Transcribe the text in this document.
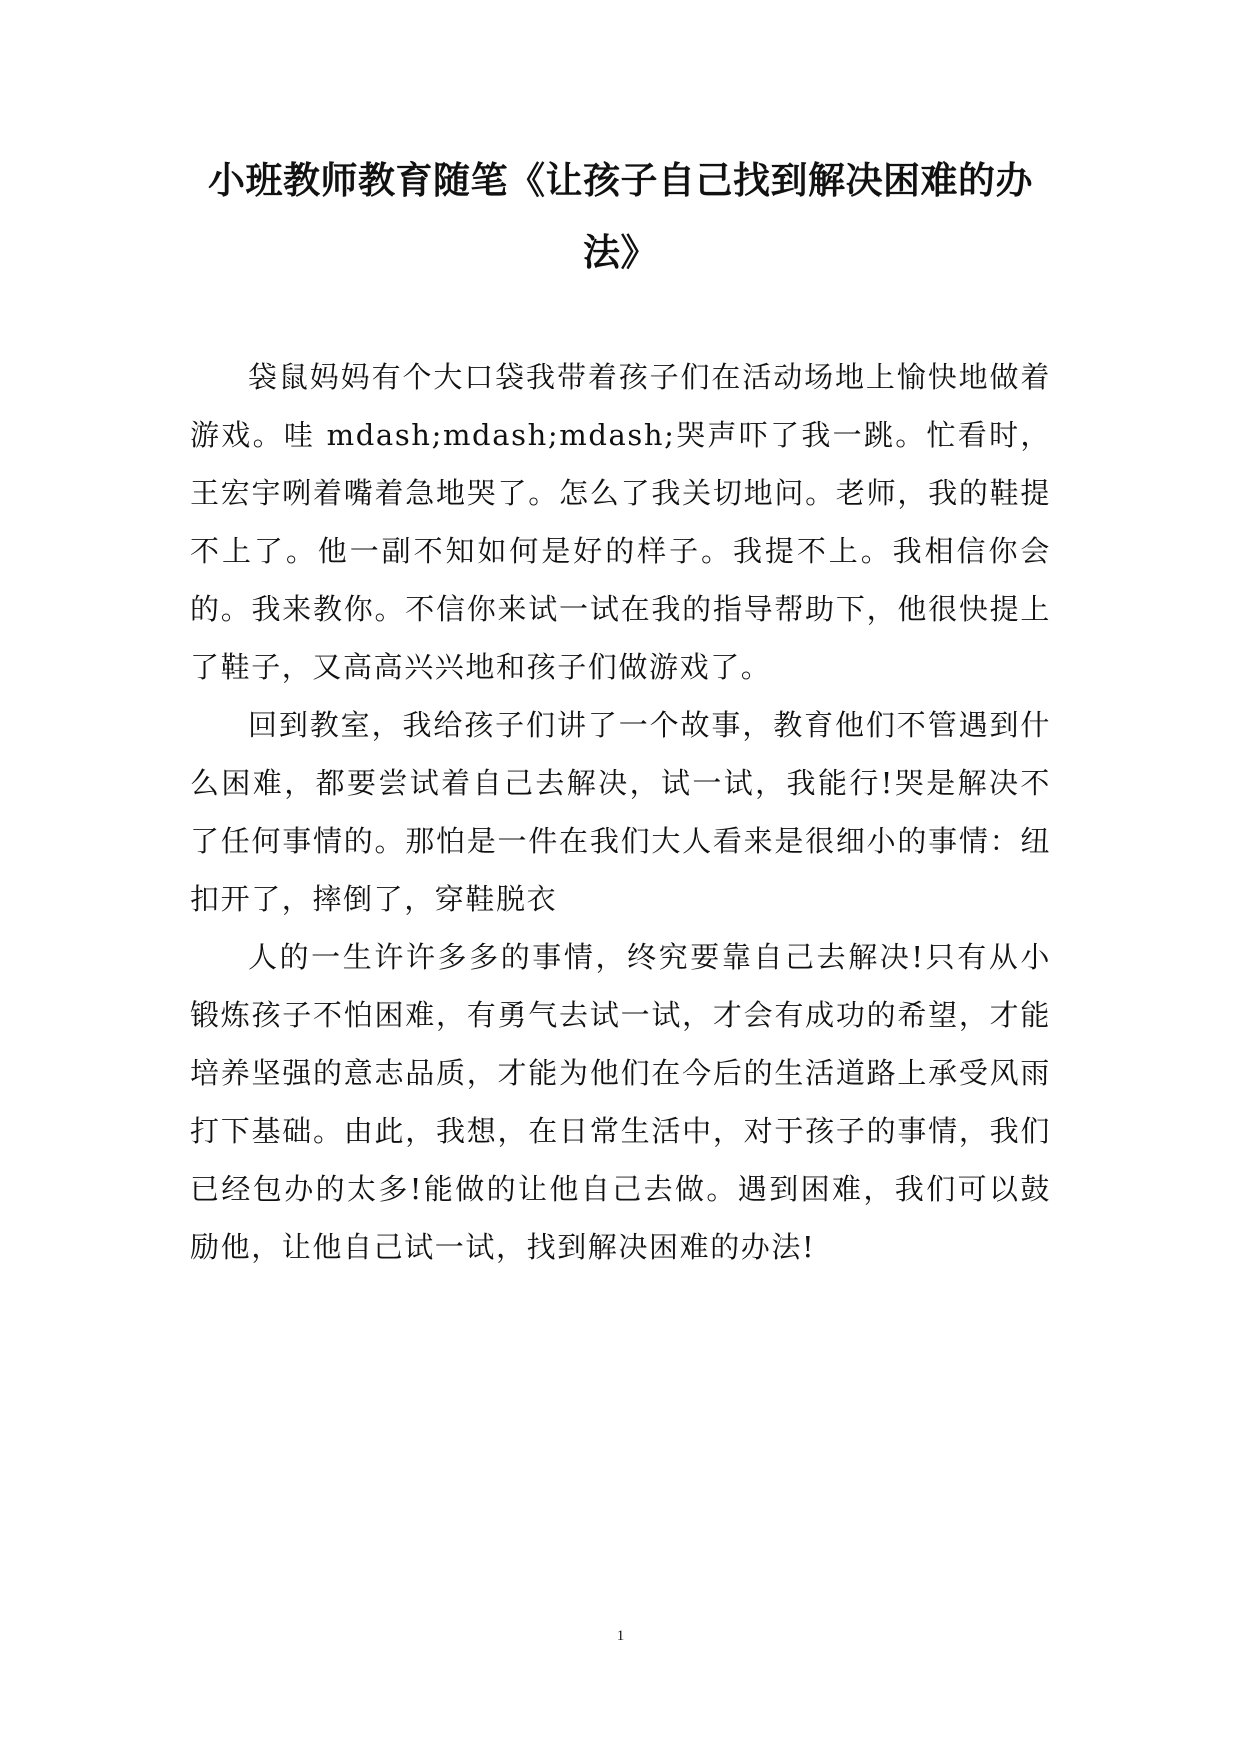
小班教师教育随笔《让孩子自己找到解决困难的办法》

袋鼠妈妈有个大口袋我带着孩子们在活动场地上愉快地做着游戏。哇 mdash;mdash;mdash;哭声吓了我一跳。忙看时，王宏宇咧着嘴着急地哭了。怎么了我关切地问。老师，我的鞋提不上了。他一副不知如何是好的样子。我提不上。我相信你会的。我来教你。不信你来试一试在我的指导帮助下，他很快提上了鞋子，又高高兴兴地和孩子们做游戏了。

回到教室，我给孩子们讲了一个故事，教育他们不管遇到什么困难，都要尝试着自己去解决，试一试，我能行!哭是解决不了任何事情的。那怕是一件在我们大人看来是很细小的事情：纽扣开了，摔倒了，穿鞋脱衣

人的一生许许多多的事情，终究要靠自己去解决!只有从小锻炼孩子不怕困难，有勇气去试一试，才会有成功的希望，才能培养坚强的意志品质，才能为他们在今后的生活道路上承受风雨打下基础。由此，我想，在日常生活中，对于孩子的事情，我们已经包办的太多!能做的让他自己去做。遇到困难，我们可以鼓励他，让他自己试一试，找到解决困难的办法!

1
